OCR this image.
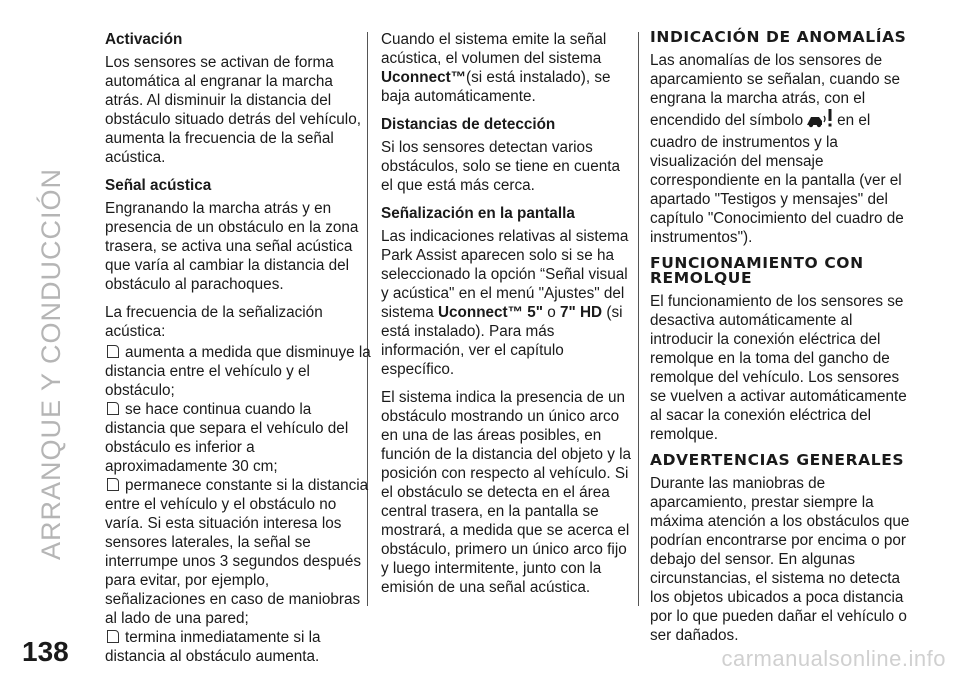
ARRANQUE Y CONDUCCIÓN
Activación

Los sensores se activan de forma automática al engranar la marcha atrás. Al disminuir la distancia del obstáculo situado detrás del vehículo, aumenta la frecuencia de la señal acústica.

Señal acústica

Engranando la marcha atrás y en presencia de un obstáculo en la zona trasera, se activa una señal acústica que varía al cambiar la distancia del obstáculo al parachoques.

La frecuencia de la señalización acústica:

aumenta a medida que disminuye la distancia entre el vehículo y el obstáculo;

se hace continua cuando la distancia que separa el vehículo del obstáculo es inferior a aproximadamente 30 cm;

permanece constante si la distancia entre el vehículo y el obstáculo no varía. Si esta situación interesa los sensores laterales, la señal se interrumpe unos 3 segundos después para evitar, por ejemplo, señalizaciones en caso de maniobras al lado de una pared;

termina inmediatamente si la distancia al obstáculo aumenta.

Cuando el sistema emite la señal acústica, el volumen del sistema Uconnect™(si está instalado), se baja automáticamente.

Distancias de detección

Si los sensores detectan varios obstáculos, solo se tiene en cuenta el que está más cerca.

Señalización en la pantalla

Las indicaciones relativas al sistema Park Assist aparecen solo si se ha seleccionado la opción “Señal visual y acústica" en el menú "Ajustes" del sistema Uconnect™ 5" o 7" HD (si está instalado). Para más información, ver el capítulo específico.

El sistema indica la presencia de un obstáculo mostrando un único arco en una de las áreas posibles, en función de la distancia del objeto y la posición con respecto al vehículo. Si el obstáculo se detecta en el área central trasera, en la pantalla se mostrará, a medida que se acerca el obstáculo, primero un único arco fijo y luego intermitente, junto con la emisión de una señal acústica.

INDICACIÓN DE ANOMALÍAS

Las anomalías de los sensores de aparcamiento se señalan, cuando se engrana la marcha atrás, con el encendido del símbolo en el cuadro de instrumentos y la visualización del mensaje correspondiente en la pantalla (ver el apartado "Testigos y mensajes" del capítulo "Conocimiento del cuadro de instrumentos").

FUNCIONAMIENTO CON REMOLQUE

El funcionamiento de los sensores se desactiva automáticamente al introducir la conexión eléctrica del remolque en la toma del gancho de remolque del vehículo. Los sensores se vuelven a activar automáticamente al sacar la conexión eléctrica del remolque.

ADVERTENCIAS GENERALES

Durante las maniobras de aparcamiento, prestar siempre la máxima atención a los obstáculos que podrían encontrarse por encima o por debajo del sensor. En algunas circunstancias, el sistema no detecta los objetos ubicados a poca distancia por lo que pueden dañar el vehículo o ser dañados.

138	carmanualsonline.info
